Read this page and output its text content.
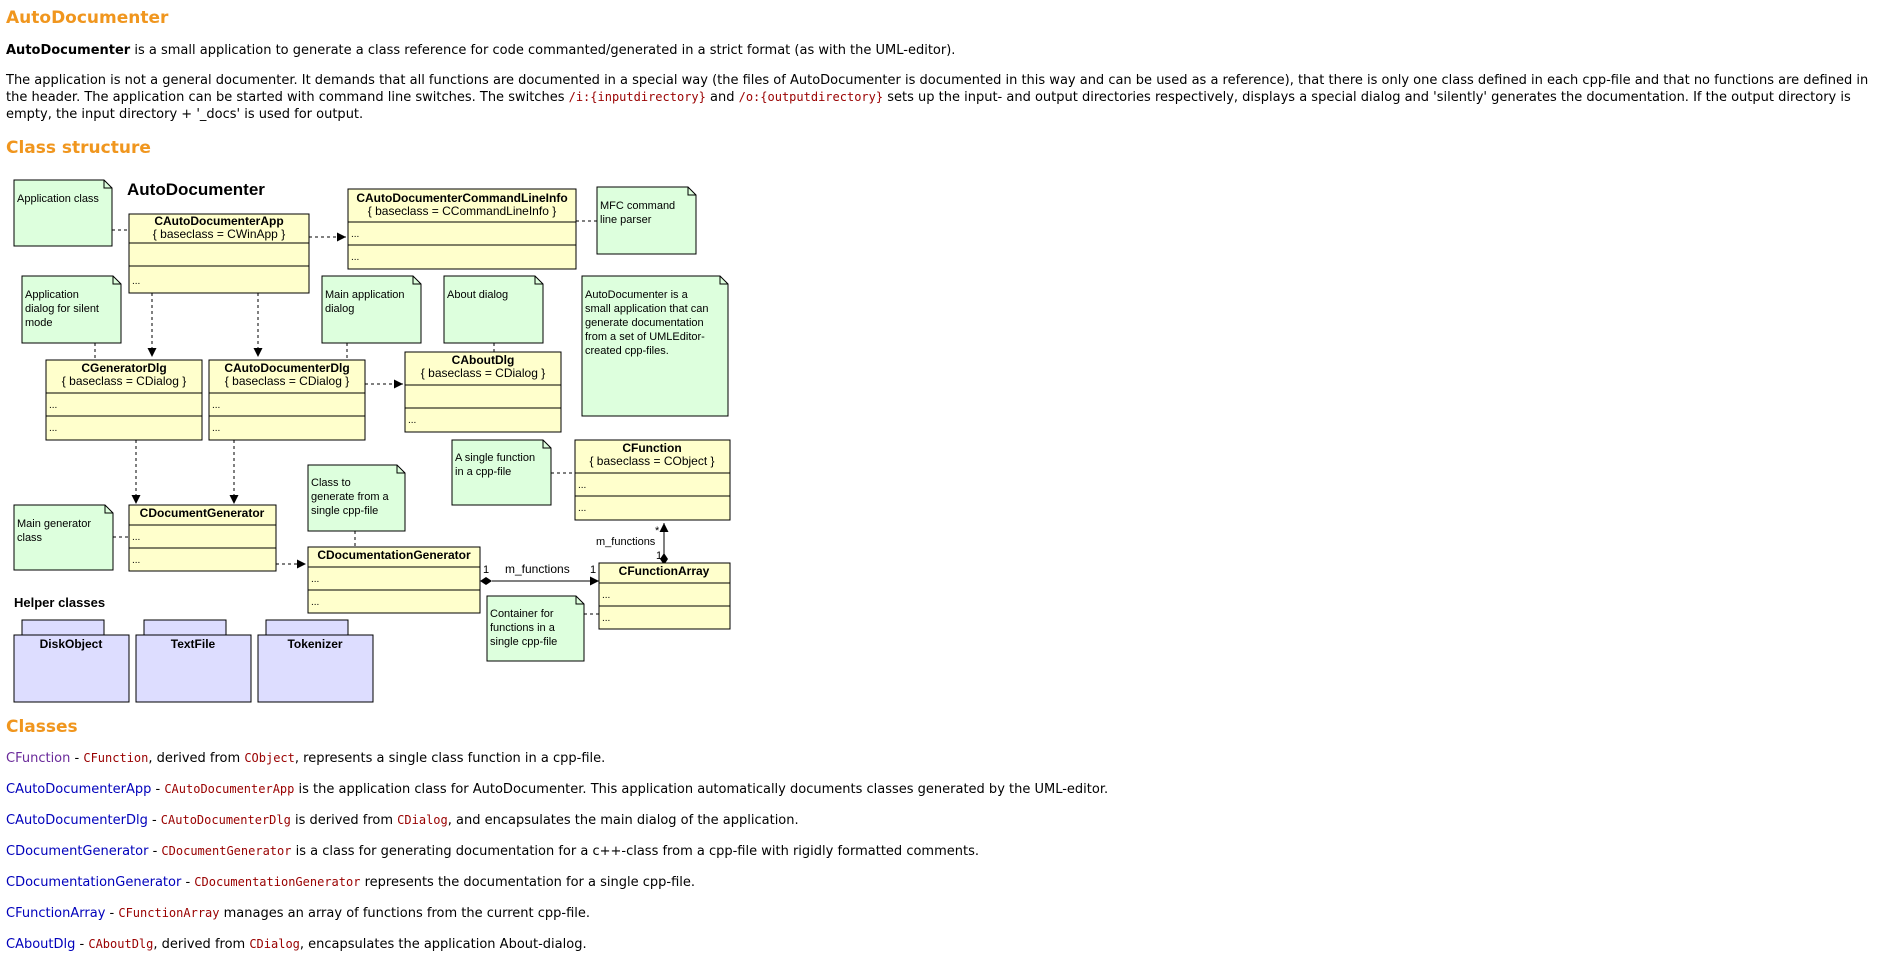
AutoDocumenter

AutoDocumenter is a small application to generate a class reference for code commanted/generated in a strict format (as with the UML-editor).

The application is not a general documenter. It demands that all functions are documented in a special way (the files of AutoDocumenter is documented in this way and can be used as a reference), that there is only one class defined in each cpp-file and that no functions are defined in the header. The application can be started with command line switches. The switches /i:{inputdirectory} and /o:{outputdirectory} sets up the input- and output directories respectively, displays a special dialog and 'silently' generates the documentation. If the output directory is empty, the input directory + '_docs' is used for output.

Class structure
AutoDocumenter
Application class
MFC command line parser
Application dialog for silent mode
Main application dialog
About dialog	AutoDocumenter is a small application that can generate documentation from a set of UMLEditor-created cpp-files.
A single function in a cpp-file
Main generator class
Class to generate from a single cpp-file
Container for functions in a single cpp-file
1 m_functions 1
m_functions
*
1
CAutoDocumenterApp
{ baseclass = CWinApp }
...
CAutoDocumenterCommandLineInfo
{ baseclass = CCommandLineInfo }
...
...
CGeneratorDlg
{ baseclass = CDialog }
...
...
CAutoDocumenterDlg
{ baseclass = CDialog }
...
...
CAboutDlg
{ baseclass = CDialog }
...
CFunction
{ baseclass = CObject }
...
...
CDocumentGenerator
...
...	CDocumentationGenerator
...
...
CFunctionArray
...
...
Helper classes
DiskObject	TextFile	Tokenizer
Classes
CFunction - CFunction, derived from CObject, represents a single class function in a cpp-file.
CAutoDocumenterApp - CAutoDocumenterApp is the application class for AutoDocumenter. This application automatically documents classes generated by the UML-editor.
CAutoDocumenterDlg - CAutoDocumenterDlg is derived from CDialog, and encapsulates the main dialog of the application.
CDocumentGenerator - CDocumentGenerator is a class for generating documentation for a c++-class from a cpp-file with rigidly formatted comments.
CDocumentationGenerator - CDocumentationGenerator represents the documentation for a single cpp-file.
CFunctionArray - CFunctionArray manages an array of functions from the current cpp-file.
CAboutDlg - CAboutDlg, derived from CDialog, encapsulates the application About-dialog.
